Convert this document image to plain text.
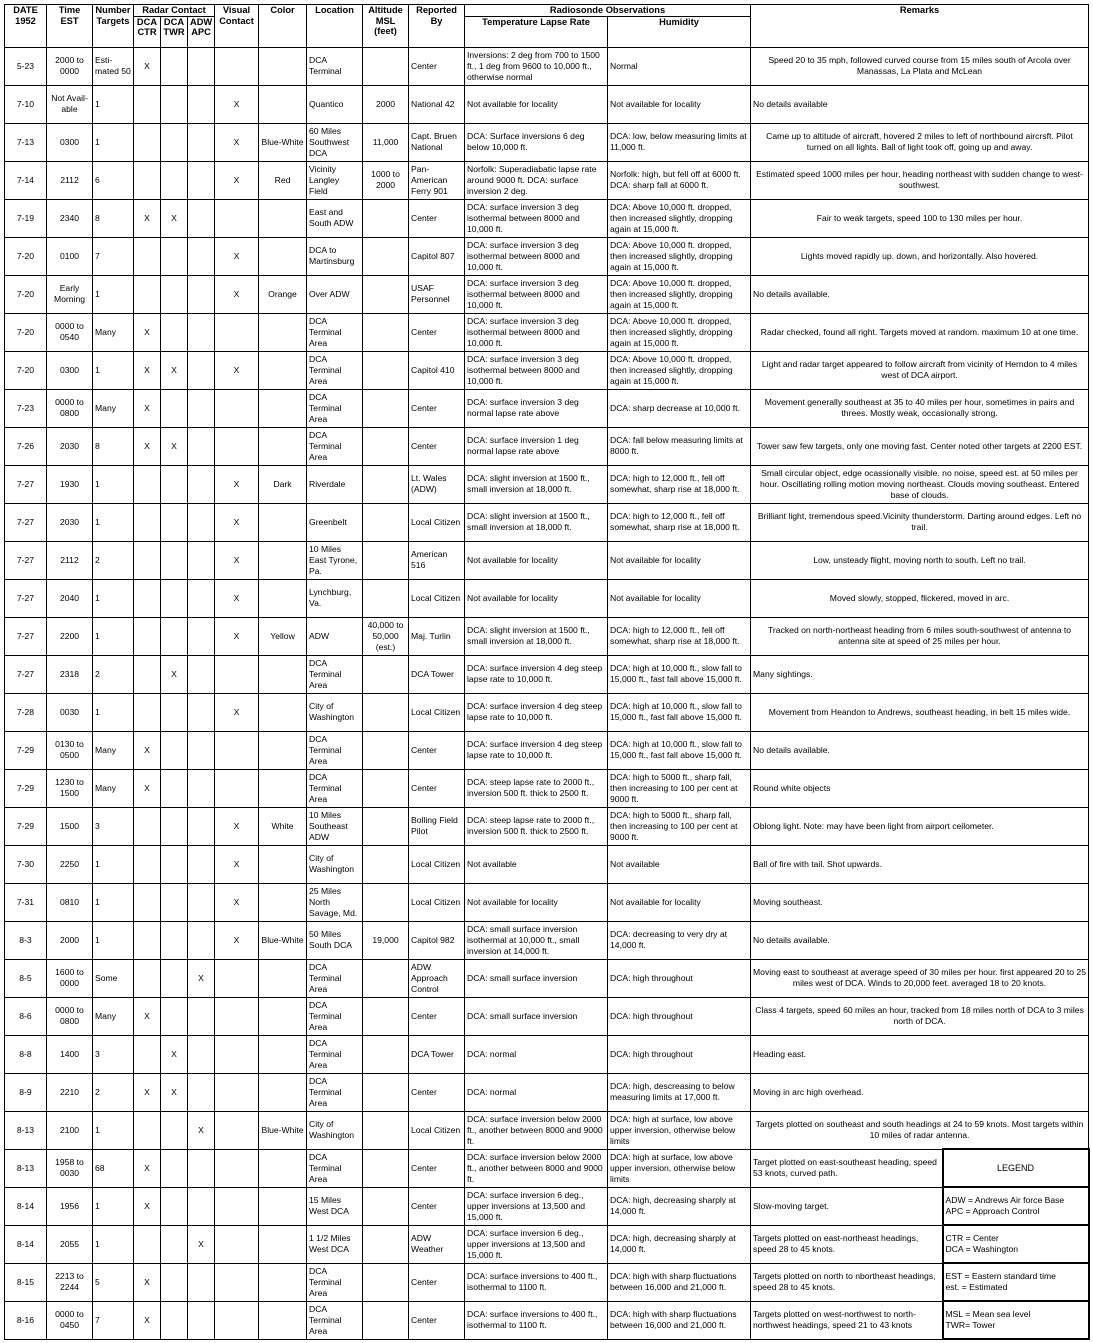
DATE 1952	Time EST	Number Targets	Radar Contact			Visual Contact	Color	Location	Altitude MSL (feet)	Reported By	Radiosonde Observations		Remarks	
			DCA CTR	DCA TWR	ADW APC						Temperature Lapse Rate	Humidity		

5-23	2000 to 0000	Esti-mated 50	X					DCA Terminal		Center	Inversions: 2 deg from 700 to 1500 ft., 1 deg from 9600 to 10,000 ft., otherwise normal	Normal	Speed 20 to 35 mph, followed curved course from 15 miles south of Arcola over Manassas, La Plata and McLean	

7-10	Not Avail-able	1				X		Quantico	2000	National 42	Not available for locality	Not available for locality	No details available	

7-13	0300	1				X	Blue-White	60 Miles Southwest DCA	11,000	Capt. Bruen National	DCA: Surface inversions 6 deg below 10,000 ft.	DCA: low, below measuring limits at 11,000 ft.	Came up to altitude of aircraft, hovered 2 miles to left of northbound aircrsft. Pilot turned on all lights. Ball of light took off, going up and away.	

7-14	2112	6				X	Red	Vicinity Langley Field	1000 to 2000	Pan-American Ferry 901	Norfolk: Superadiabatic lapse rate around 9000 ft. DCA: surface inversion 2 deg.	Norfolk: high, but fell off at 6000 ft. DCA: sharp fall at 6000 ft.	Estimated speed 1000 miles per hour, heading northeast with sudden change to west-southwest.	

7-19	2340	8	X	X				East and South ADW		Center	DCA: surface inversion 3 deg isothermal between 8000 and 10,000 ft.	DCA: Above 10,000 ft. dropped, then increased slightly, dropping again at 15,000 ft.	Fair to weak targets, speed 100 to 130 miles per hour.	

7-20	0100	7				X		DCA to Martinsburg		Capitol 807	DCA: surface inversion 3 deg isothermal between 8000 and 10,000 ft.	DCA: Above 10,000 ft. dropped, then increased slightly, dropping again at 15,000 ft.	Lights moved rapidly up. down, and horizontally. Also hovered.	

7-20	Early Morning	1				X	Orange	Over ADW		USAF Personnel	DCA: surface inversion 3 deg isothermal between 8000 and 10,000 ft.	DCA: Above 10,000 ft. dropped, then increased slightly, dropping again at 15,000 ft.	No details available.	

7-20	0000 to 0540	Many	X					DCA Terminal Area		Center	DCA: surface inversion 3 deg isothermal between 8000 and 10,000 ft.	DCA: Above 10,000 ft. dropped, then increased slightly, dropping again at 15,000 ft.	Radar checked, found all right. Targets moved at random. maximum 10 at one time.	

7-20	0300	1	X	X		X		DCA Terminal Area		Capitol 410	DCA: surface inversion 3 deg isothermal between 8000 and 10,000 ft.	DCA: Above 10,000 ft. dropped, then increased slightly, dropping again at 15,000 ft.	Light and radar target appeared to follow aircraft from vicinity of Herndon to 4 miles west of DCA airport.	

7-23	0000 to 0800	Many	X					DCA Terminal Area		Center	DCA: surface inversion 3 deg normal lapse rate above	DCA: sharp decrease at 10,000 ft.	Movement generally southeast at 35 to 40 miles per hour, sometimes in pairs and threes. Mostly weak, occasionally strong.	

7-26	2030	8	X	X				DCA Terminal Area		Center	DCA: surface inversion 1 deg normal lapse rate above	DCA: fall below measuring limits at 8000 ft.	Tower saw few targets, only one moving fast. Center noted other targets at 2200 EST.	

7-27	1930	1				X	Dark	Riverdale		Lt. Wales (ADW)	DCA: slight inversion at 1500 ft., small inversion at 18,000 ft.	DCA: high to 12,000 ft., fell off somewhat, sharp rise at 18,000 ft.	Small circular object, edge ocassionally visible. no noise, speed est. at 50 miles per hour. Oscillating rolling motion moving northeast. Clouds moving southeast. Entered base of clouds.	

7-27	2030	1				X		Greenbelt		Local Citizen	DCA: slight inversion at 1500 ft., small inversion at 18,000 ft.	DCA: high to 12,000 ft., fell off somewhat, sharp rise at 18,000 ft.	Brilliant light, tremendous speed.Vicinity thunderstorm. Darting around edges. Left no trail.	

7-27	2112	2				X		10 Miles East Tyrone, Pa.		American 516	Not available for locality	Not available for locality	Low, unsteady flight, moving north to south. Left no trail.	

7-27	2040	1				X		Lynchburg, Va.		Local Citizen	Not available for locality	Not available for locality	Moved slowly, stopped, flickered, moved in arc.	

7-27	2200	1				X	Yellow	ADW	40,000 to 50,000 (est.)	Maj. Turlin	DCA: slight inversion at 1500 ft., small inversion at 18,000 ft.	DCA: high to 12,000 ft., fell off somewhat, sharp rise at 18,000 ft.	Tracked on north-northeast heading from 6 miles south-southwest of antenna to antenna site at speed of 25 miles per hour.	

7-27	2318	2		X				DCA Terminal Area		DCA Tower	DCA: surface inversion 4 deg steep lapse rate to 10,000 ft.	DCA: high at 10,000 ft., slow fall to 15,000 ft., fast fall above 15,000 ft.	Many sightings.	

7-28	0030	1				X		City of Washington		Local Citizen	DCA: surface inversion 4 deg steep lapse rate to 10,000 ft.	DCA: high at 10,000 ft., slow fall to 15,000 ft., fast fall above 15,000 ft.	Movement from Heandon to Andrews, southeast heading, in belt 15 miles wide.	

7-29	0130 to 0500	Many	X					DCA Terminal Area		Center	DCA: surface inversion 4 deg steep lapse rate to 10,000 ft.	DCA: high at 10,000 ft., slow fall to 15,000 ft., fast fall above 15,000 ft.	No details available.	

7-29	1230 to 1500	Many	X					DCA Terminal Area		Center	DCA: steep lapse rate to 2000 ft., inversion 500 ft. thick to 2500 ft.	DCA: high to 5000 ft., sharp fall, then increasing to 100 per cent at 9000 ft.	Round white objects	

7-29	1500	3				X	White	10 Miles Southeast ADW		Bolling Field Pilot	DCA: steep lapse rate to 2000 ft., inversion 500 ft. thick to 2500 ft.	DCA: high to 5000 ft., sharp fall, then increasing to 100 per cent at 9000 ft.	Oblong light. Note: may have been light from airport ceilometer.	

7-30	2250	1				X		City of Washington		Local Citizen	Not available	Not available	Ball of fire with tail. Shot upwards.	

7-31	0810	1				X		25 Miles North Savage, Md.		Local Citizen	Not available for locality	Not available for locality	Moving southeast.	

8-3	2000	1				X	Blue-White	50 Miles South DCA	19,000	Capitol 982	DCA: small surface inversion isothermal at 10,000 ft., small inversion at 14,000 ft.	DCA: decreasing to very dry at 14,000 ft.	No details available.	

8-5	1600 to 0000	Some			X			DCA Terminal Area		ADW Approach Control	DCA: small surface inversion	DCA: high throughout	Moving east to southeast at average speed of 30 miles per hour. first appeared 20 to 25 miles west of DCA. Winds to 20,000 feet. averaged 18 to 20 knots.	

8-6	0000 to 0800	Many	X					DCA Terminal Area		Center	DCA: small surface inversion	DCA: high throughout	Class 4 targets, speed 60 miles an hour, tracked from 18 miles north of DCA to 3 miles north of DCA.	

8-8	1400	3		X				DCA Terminal Area		DCA Tower	DCA: normal	DCA: high throughout	Heading east.	

8-9	2210	2	X	X				DCA Terminal Area		Center	DCA: normal	DCA: high, descreasing to below measuring limits at 17,000 ft.	Moving in arc high overhead.	

8-13	2100	1			X		Blue-White	City of Washington		Local Citizen	DCA: surface inversion below 2000 ft., another between 8000 and 9000 ft.	DCA: high at surface, low above upper inversion, otherwise below limits	Targets plotted on southeast and south headings at 24 to 59 knots. Most targets within 10 miles of radar antenna.	

8-13	1958 to 0030	68	X					DCA Terminal Area		Center	DCA: surface inversion below 2000 ft., another between 8000 and 9000 ft.	DCA: high at surface, low above upper inversion, otherwise below limits	Target plotted on east-southeast heading, speed 53 knots, curved path.	LEGEND

8-14	1956	1	X					15 Miles West DCA		Center	DCA: surface inversion 6 deg., upper inversions at 13,500 and 15,000 ft.	DCA: high, decreasing sharply at 14,000 ft.	Slow-moving target.	ADW = Andrews Air force Base
APC = Approach Control

8-14	2055	1			X			1 1/2 Miles West DCA		ADW Weather	DCA: surface inversion 6 deg., upper inversions at 13,500 and 15,000 ft.	DCA: high, decreasing sharply at 14,000 ft.	Targets plotted on east-northeast headings, speed 28 to 45 knots.	CTR = Center
DCA = Washington

8-15	2213 to 2244	5	X					DCA Terminal Area		Center	DCA: surface inversions to 400 ft., isothermal to 1100 ft.	DCA: high with sharp fluctuations between 16,000 and 21,000 ft.	Targets plotted on north to nbortheast headings, speed 28 to 45 knots.	EST = Eastern standard time
est. = Estimated

8-16	0000 to 0450	7	X					DCA Terminal Area		Center	DCA: surface inversions to 400 ft., isothermal to 1100 ft.	DCA: high with sharp fluctuations between 16,000 and 21,000 ft.	Targets plotted on west-northwest to north-northwest headings, speed 21 to 43 knots	MSL = Mean sea level
TWR= Tower
